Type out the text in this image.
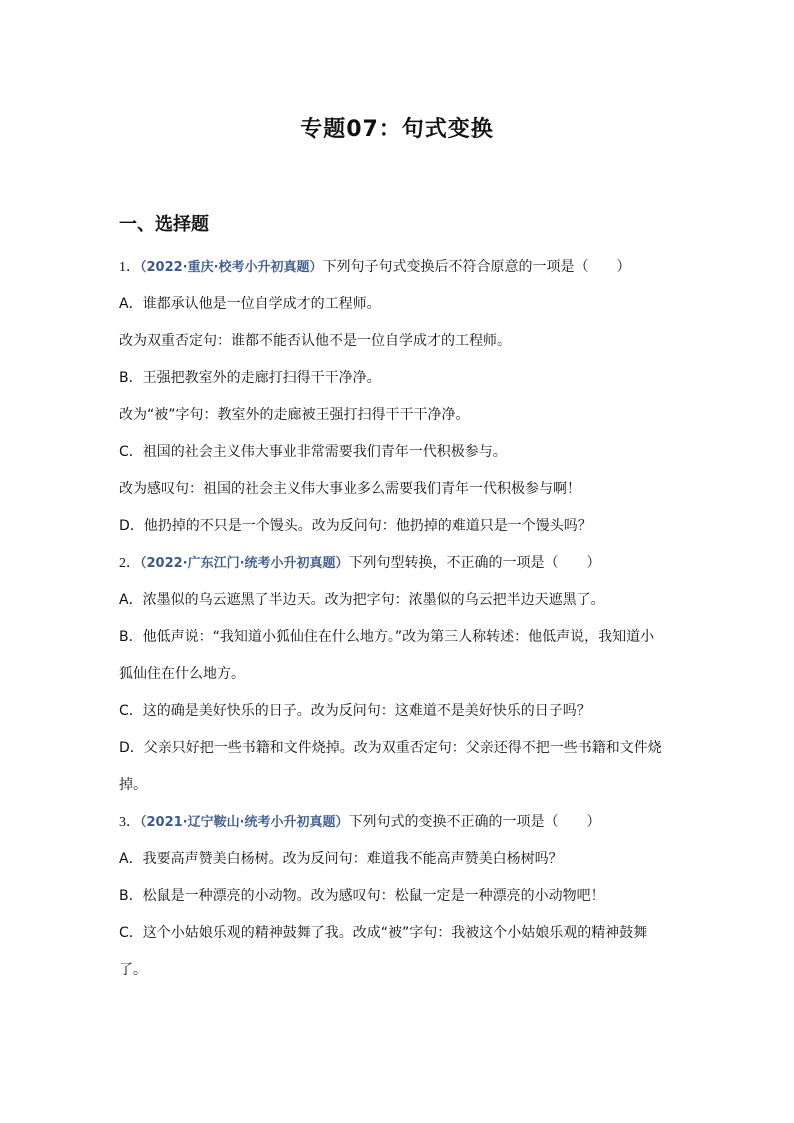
专题07：句式变换
一、选择题

1．（2022·重庆·校考小升初真题）下列句子句式变换后不符合原意的一项是（　　）

A．谁都承认他是一位自学成才的工程师。

改为双重否定句：谁都不能否认他不是一位自学成才的工程师。

B．王强把教室外的走廊打扫得干干净净。

改为“被”字句：教室外的走廊被王强打扫得干干干净净。

C．祖国的社会主义伟大事业非常需要我们青年一代积极参与。

改为感叹句：祖国的社会主义伟大事业多么需要我们青年一代积极参与啊！

D．他扔掉的不只是一个馒头。改为反问句：他扔掉的难道只是一个馒头吗？

2．（2022·广东江门·统考小升初真题）下列句型转换，不正确的一项是（　　）

A．浓墨似的乌云遮黑了半边天。改为把字句：浓墨似的乌云把半边天遮黑了。

B．他低声说：“我知道小狐仙住在什么地方。”改为第三人称转述：他低声说，我知道小

狐仙住在什么地方。

C．这的确是美好快乐的日子。改为反问句：这难道不是美好快乐的日子吗？

D．父亲只好把一些书籍和文件烧掉。改为双重否定句：父亲还得不把一些书籍和文件烧

掉。

3．（2021·辽宁鞍山·统考小升初真题）下列句式的变换不正确的一项是（　　）

A．我要高声赞美白杨树。改为反问句：难道我不能高声赞美白杨树吗？

B．松鼠是一种漂亮的小动物。改为感叹句：松鼠一定是一种漂亮的小动物吧！

C．这个小姑娘乐观的精神鼓舞了我。改成“被”字句：我被这个小姑娘乐观的精神鼓舞

了。
